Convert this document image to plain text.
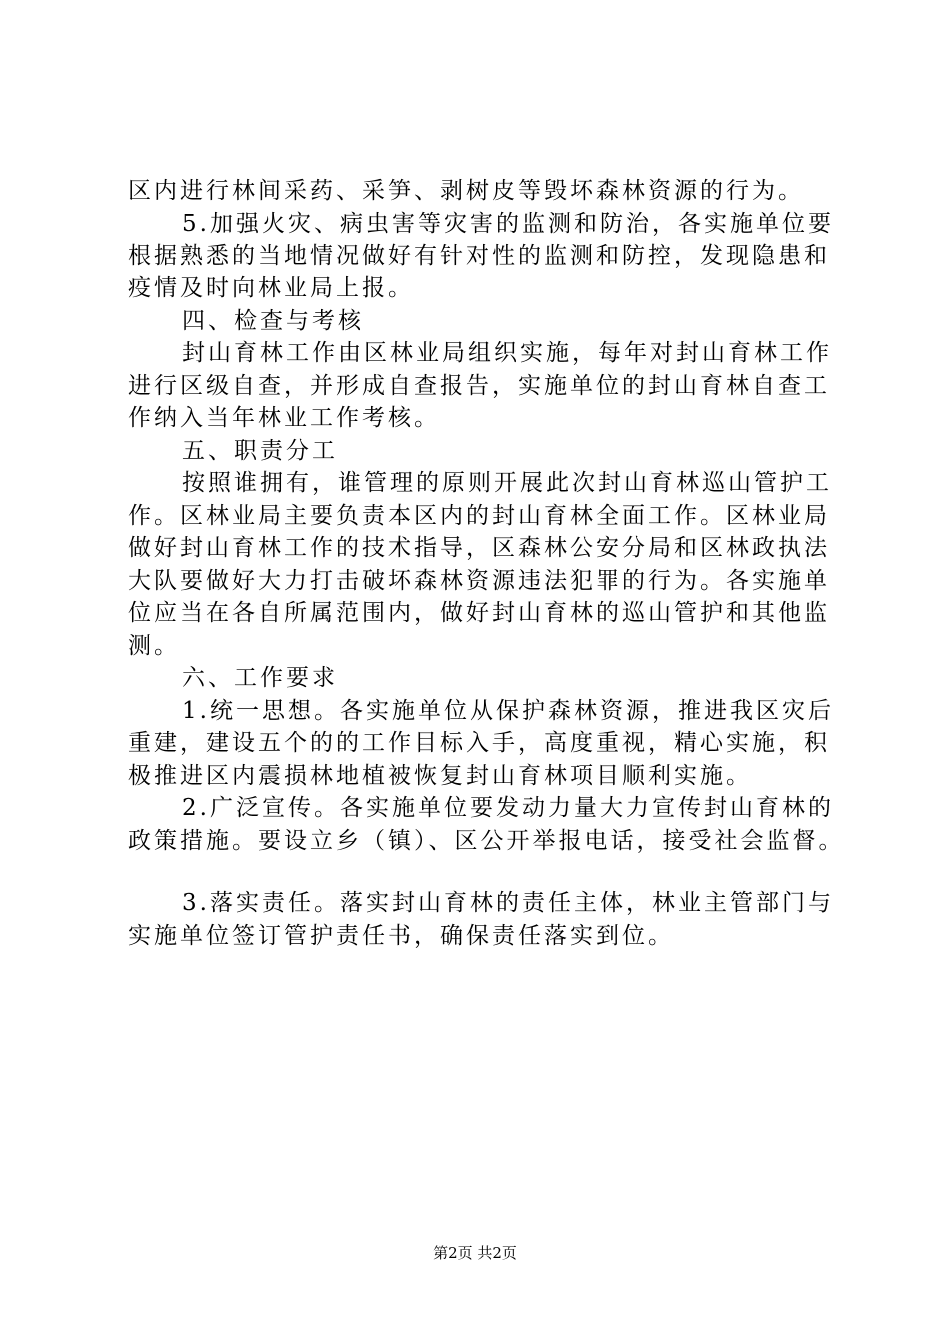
区内进行林间采药、采笋、剥树皮等毁坏森林资源的行为。
5.加强火灾、病虫害等灾害的监测和防治，各实施单位要
根据熟悉的当地情况做好有针对性的监测和防控，发现隐患和
疫情及时向林业局上报。
四、检查与考核
封山育林工作由区林业局组织实施，每年对封山育林工作
进行区级自查，并形成自查报告，实施单位的封山育林自查工
作纳入当年林业工作考核。
五、职责分工
按照谁拥有，谁管理的原则开展此次封山育林巡山管护工
作。区林业局主要负责本区内的封山育林全面工作。区林业局
做好封山育林工作的技术指导，区森林公安分局和区林政执法
大队要做好大力打击破坏森林资源违法犯罪的行为。各实施单
位应当在各自所属范围内，做好封山育林的巡山管护和其他监
测。
六、工作要求
1.统一思想。各实施单位从保护森林资源，推进我区灾后
重建，建设五个的的工作目标入手，高度重视，精心实施，积
极推进区内震损林地植被恢复封山育林项目顺利实施。
2.广泛宣传。各实施单位要发动力量大力宣传封山育林的
政策措施。要设立乡（镇）、区公开举报电话，接受社会监督。
3.落实责任。落实封山育林的责任主体，林业主管部门与
实施单位签订管护责任书，确保责任落实到位。
第2页 共2页
